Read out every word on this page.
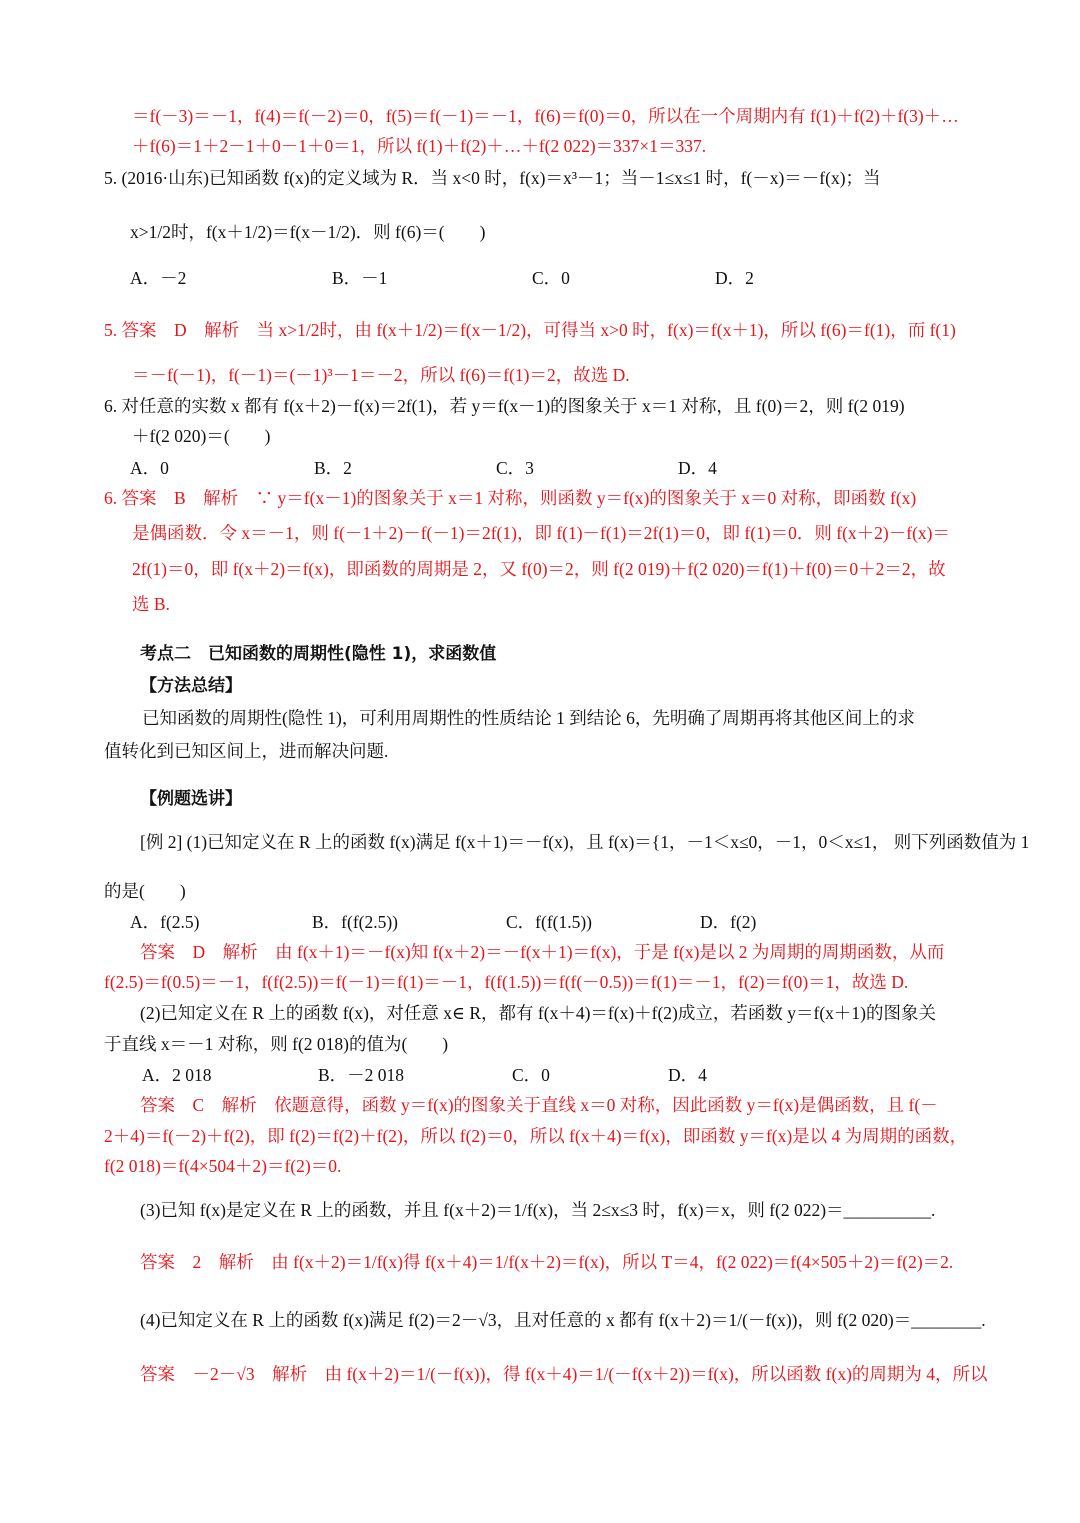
＝f(－3)＝－1，f(4)＝f(－2)＝0，f(5)＝f(－1)＝－1，f(6)＝f(0)＝0，所以在一个周期内有 f(1)＋f(2)＋f(3)＋…
＋f(6)＝1＋2－1＋0－1＋0＝1，所以 f(1)＋f(2)＋…＋f(2 022)＝337×1＝337.
5. (2016·山东)已知函数 f(x)的定义域为 R．当 x<0 时，f(x)＝x³－1；当－1≤x≤1 时，f(－x)＝－f(x)；当
x>1/2时，f(x＋1/2)＝f(x－1/2)．则 f(6)＝(　　)
A．－2	B．－1	C．0	D．2
5. 答案　D　解析　当 x>1/2时，由 f(x＋1/2)＝f(x－1/2)，可得当 x>0 时，f(x)＝f(x＋1)，所以 f(6)＝f(1)，而 f(1)
＝－f(－1)，f(－1)＝(－1)³－1＝－2，所以 f(6)＝f(1)＝2，故选 D.
6. 对任意的实数 x 都有 f(x＋2)－f(x)＝2f(1)，若 y＝f(x－1)的图象关于 x＝1 对称，且 f(0)＝2，则 f(2 019)
＋f(2 020)＝(　　)
A．0	B．2	C．3	D．4
6. 答案　B　解析　∵ y＝f(x－1)的图象关于 x＝1 对称，则函数 y＝f(x)的图象关于 x＝0 对称，即函数 f(x)
是偶函数．令 x＝－1，则 f(－1＋2)－f(－1)＝2f(1)，即 f(1)－f(1)＝2f(1)＝0，即 f(1)＝0．则 f(x＋2)－f(x)＝
2f(1)＝0，即 f(x＋2)＝f(x)，即函数的周期是 2，又 f(0)＝2，则 f(2 019)＋f(2 020)＝f(1)＋f(0)＝0＋2＝2，故
选 B.
考点二　已知函数的周期性(隐性 1)，求函数值
【方法总结】
已知函数的周期性(隐性 1)，可利用周期性的性质结论 1 到结论 6，先明确了周期再将其他区间上的求
值转化到已知区间上，进而解决问题.
【例题选讲】
[例 2] (1)已知定义在 R 上的函数 f(x)满足 f(x＋1)＝－f(x)，且 f(x)＝{1，－1＜x≤0，－1，0＜x≤1， 则下列函数值为 1
的是(　　)
A．f(2.5)	B．f(f(2.5))	C．f(f(1.5))	D．f(2)
答案　D　解析　由 f(x＋1)＝－f(x)知 f(x＋2)＝－f(x＋1)＝f(x)，于是 f(x)是以 2 为周期的周期函数，从而
f(2.5)＝f(0.5)＝－1，f(f(2.5))＝f(－1)＝f(1)＝－1，f(f(1.5))＝f(f(－0.5))＝f(1)＝－1，f(2)＝f(0)＝1，故选 D.
(2)已知定义在 R 上的函数 f(x)，对任意 x∈ R，都有 f(x＋4)＝f(x)＋f(2)成立，若函数 y＝f(x＋1)的图象关
于直线 x＝－1 对称，则 f(2 018)的值为(　　)
A．2 018	B．－2 018	C．0	D．4
答案　C　解析　依题意得，函数 y＝f(x)的图象关于直线 x＝0 对称，因此函数 y＝f(x)是偶函数，且 f(－
2＋4)＝f(－2)＋f(2)，即 f(2)＝f(2)＋f(2)，所以 f(2)＝0，所以 f(x＋4)＝f(x)，即函数 y＝f(x)是以 4 为周期的函数，
f(2 018)＝f(4×504＋2)＝f(2)＝0.
(3)已知 f(x)是定义在 R 上的函数，并且 f(x＋2)＝1/f(x)，当 2≤x≤3 时，f(x)＝x，则 f(2 022)＝__________.
答案　2　解析　由 f(x＋2)＝1/f(x)得 f(x＋4)＝1/f(x＋2)＝f(x)，所以 T＝4，f(2 022)＝f(4×505＋2)＝f(2)＝2.
(4)已知定义在 R 上的函数 f(x)满足 f(2)＝2－√3，且对任意的 x 都有 f(x＋2)＝1/(－f(x))，则 f(2 020)＝________.
答案　－2－√3　解析　由 f(x＋2)＝1/(－f(x))，得 f(x＋4)＝1/(－f(x＋2))＝f(x)，所以函数 f(x)的周期为 4，所以
